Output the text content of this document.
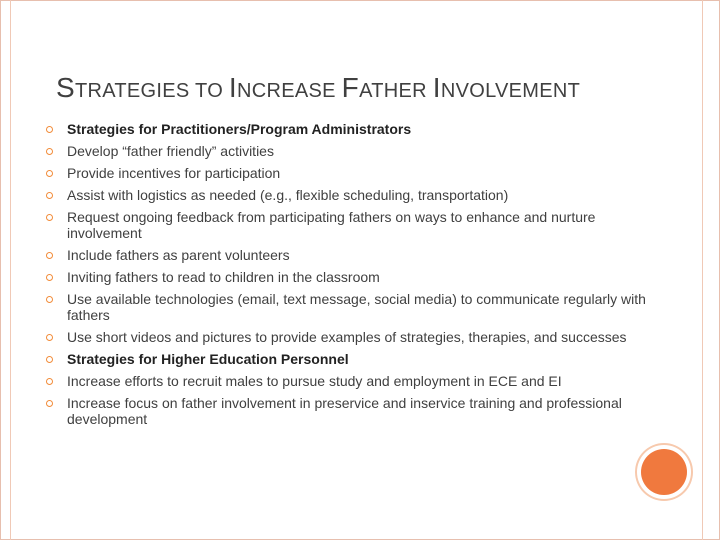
STRATEGIES TO INCREASE FATHER INVOLVEMENT
Strategies for Practitioners/Program Administrators
Develop “father friendly” activities
Provide incentives for participation
Assist with logistics as needed (e.g., flexible scheduling, transportation)
Request ongoing feedback from participating fathers on ways to enhance and nurture involvement
Include fathers as parent volunteers
Inviting fathers to read to children in the classroom
Use available technologies (email, text message, social media) to communicate regularly with fathers
Use short videos and pictures to provide examples of strategies, therapies, and successes
Strategies for Higher Education Personnel
Increase efforts to recruit males to pursue study and employment in ECE and EI
Increase focus on father involvement in preservice and inservice training and professional development
